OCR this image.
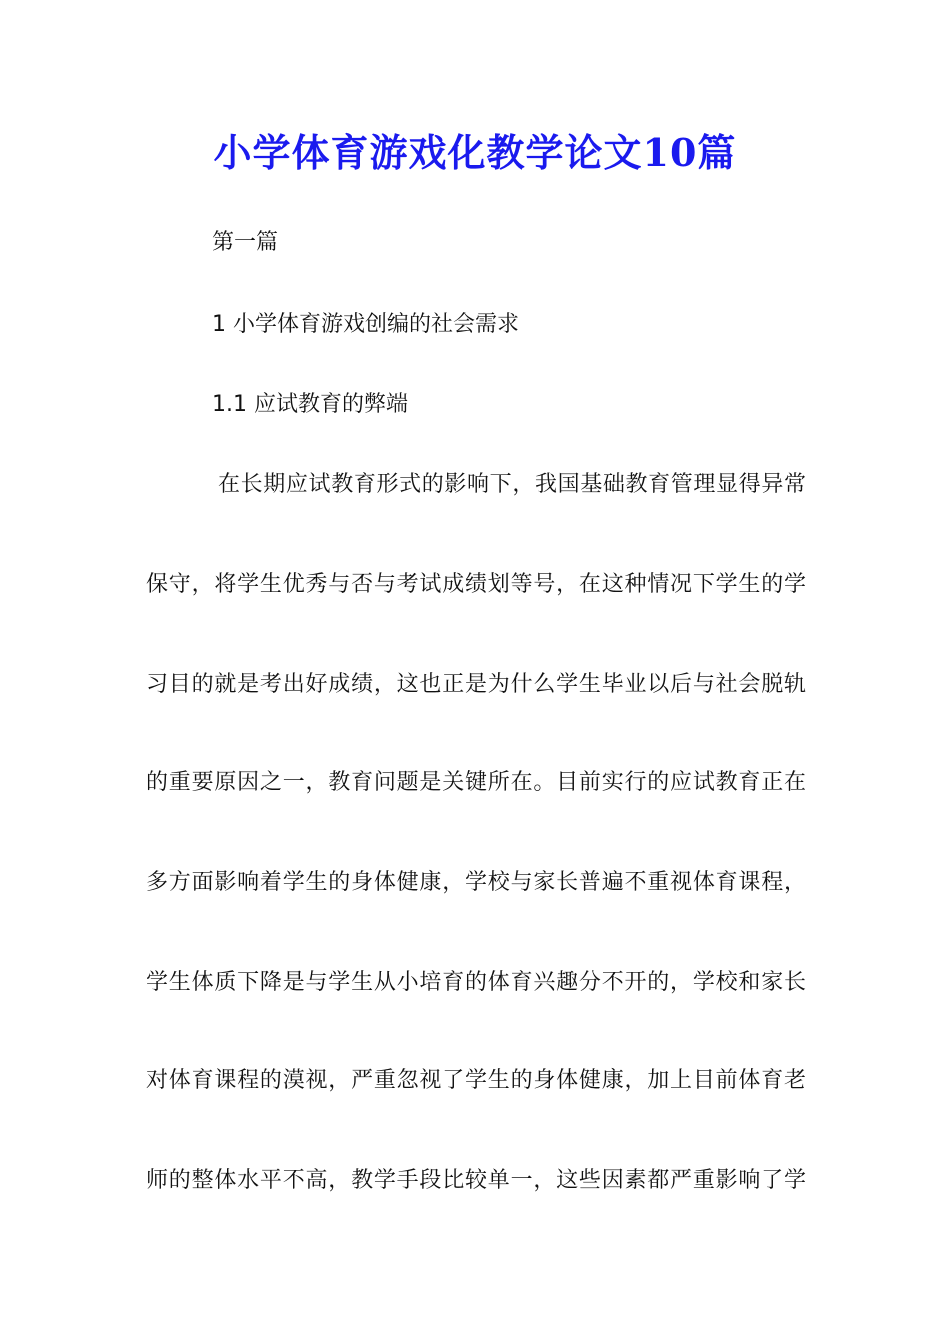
小学体育游戏化教学论文10篇

第一篇

1 小学体育游戏创编的社会需求

1.1 应试教育的弊端

在长期应试教育形式的影响下，我国基础教育管理显得异常

保守，将学生优秀与否与考试成绩划等号，在这种情况下学生的学

习目的就是考出好成绩，这也正是为什么学生毕业以后与社会脱轨

的重要原因之一，教育问题是关键所在。目前实行的应试教育正在

多方面影响着学生的身体健康，学校与家长普遍不重视体育课程，

学生体质下降是与学生从小培育的体育兴趣分不开的，学校和家长

对体育课程的漠视，严重忽视了学生的身体健康，加上目前体育老

师的整体水平不高，教学手段比较单一，这些因素都严重影响了学
